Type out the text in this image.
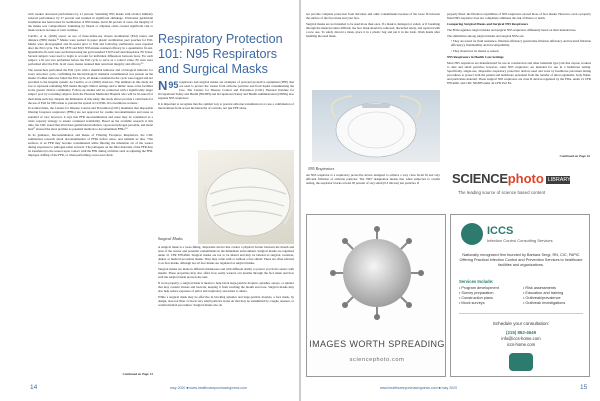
with weaker decreased performance by 21 percent. Sanitizing N95 masks with alcohol similarly reduced performance by 27 percent and resulted in significant shrinkage. Ultraviolet germicidal irradiation has been tested for sterilization of N95 masks, but in 60 percent of cases, the integrity of the masks was compromised. Sanitizing by bleach or ethylene oxide created significant risk to mask wearers because of toxic residues.

Carrillo, et al. (2020) report on use of three-dallas-use chosen sterilization (EtO) issues and distance (H95) masks.¹⁶ Masks were packed in paper plastic sterilization peel pouches for EtO. Masks were photographed and fit-tested prior to EtO and following sterilization were repeated after the EtO cycle. The 3M 1870 and 8210 N95-masks retained efficacy in a quantitative fit-test. Quantitative fit-tests were performed using the gold standard TSI PortaCount Respirator Fit Tester. Several subjects were used to begin to account for individual differences between faces. For each subject, a fit test was performed before the EtO cycle to serve as a control value. Fit tests were performed after the EtO. In all cases, masks retained their structural integrity and efficacy.¹⁶

The researchers performed the EtO cycle with a chemical indicator and a biological indicator for every autoclave cycle, confirming the microbiological chemical contamination was present on the masks. If either indicator failed the EtO cycle, all masks contained in the cycle were tagged and not provided to the hospital system. As Carrillo, et al. (2020) observes, 'The numbers in this study are low to represent remaining N95 masks through clinical settings and to mimic reuse at the facilities in the greater clinical community. Follow-up studies will be conducted with a significantly larger subject pool by recruiting subjects from the Houston Methodist Hospital who will be fit-tested for their mask each day. Despite the limitations of this study, this study shows provide a valid basis for the use of EtO for N95 mask to prevent the spread of COVID-19 to healthcare workers.'

In normal times, the Centers for Disease Control and Prevention (CDC) maintains that disposable filtering facepiece respirators (FFRs) are not approved for routine decontamination and reuse as standard of care; however, it says that FFR decontamination and reuse may be considered as a crisis capacity strategy to ensure continued availability. Based on the available research at this time, the CDC stated that ultraviolet germicidal irradiation, vaporous hydrogen peroxide, and moist heat¹⁷ showed the most promise as potential methods to decontaminate FFRs.¹⁸

In its guidance, Decontamination and Reuse of Filtering Facepiece Respirators, the CDC summarizes research about decontamination of FFRs before reuse, and reminds us that, "The surfaces of an FFR may become contaminated while filtering the inhalation air of the wearer during exposures to pathogen-laden aerosols. The pathogens on the filter materials of the FFR may be transferred to the wearer upon contact with the FFR during activities such as adjusting the FFR, improper doffing of the FFR, or when performing a user-seal check

Continued on Page 15
Respiratory Protection 101: N95 Respirators and Surgical Masks

N 95 respirators and surgical masks are examples of personal protective equipment (PPE) that are used to protect the wearer from airborne particles and from liquid contaminating the face. The Centers for Disease Control and Prevention (CDC) National Institute for Occupational Safety and Health (NIOSH) and Occupational Safety and Health Administration (OSHA) also regulate N95 respirators.

It is important to recognize that the optimal way to prevent airborne transmission is to use a combination of interventions from across the hierarchy of controls, not just PPE alone.

Surgical Masks

A surgical mask is a loose-fitting, disposable device that creates a physical barrier between the mouth and nose of the wearer and potential contaminants in the immediate environment. Surgical masks are regulated under 21 CFR 878.4040. Surgical masks are not to be shared and may be labeled as surgical, isolation, dental, or medical procedure masks. They may come with or without a face shield. These are often referred to as face masks, although not all face masks are regulated as surgical masks.

Surgical masks are made in different thicknesses and with different ability to protect you from contact with liquids. These properties may also affect how easily wearers can breathe through the face mask and how well the surgical mask protects the user.

If worn properly, a surgical mask is meant to help block large-particle droplets, splashes, sprays, or splatter that may contain viruses and bacteria, keeping it from reaching the mouth and nose. Surgical masks may also help reduce exposure of saliva and respiratory secretions to others.

While a surgical mask may be effective in blocking splashes and large-particle droplets, a face mask, by design, does not filter or block very small particles in the air that may be transmitted by coughs, sneezes, or certain medical procedures. Surgical masks also do

may 2020 ■ www.healthcarepurchasingnews.com
14

not provide complete protection from microbes and other contaminants because of the loose fit between the surface of the face mask and your face.

Surgical masks are not intended to be used more than once. If a mask is damaged or soiled, or if breathing through the mask becomes difficult, the face mask should be removed, discarded safely, and replaced with a new one. To safely discard a mask, place it in a plastic bag and put it in the trash. Wash hands after handling the used mask.

N95 Respirators

An N95 respirator is a respiratory protective device designed to achieve a very close facial fit and very efficient filtration of airborne particles. The 'N95' designation means that when subjected to careful testing, the respirator blocks at least 95 percent of very small (0.3 micron) test particles. If

properly fitted, the filtration capabilities of N95 respirators exceed those of face masks. However, even a properly fitted N95 respirator does not completely eliminate the risk of illness or death.

Comparing Surgical Masks and Surgical N95 Respirators

The FDA regulates surgical masks and surgical N95 respirators differently based on their intended use.

The similarities among surgical masks and surgical N95s are:

• They are tested for fluid resistance, filtration efficiency (particulate filtration efficiency and bacterial filtration efficiency), flammability and biocompatibility.

• They should not be shared or reused.

N95 Respirators in Health Care Settings

Most N95 respirators are manufactured for use in construction and other industrial type jobs that expose workers to dust and small particles; however, some N95 respirators are intended for use in a healthcare setting. Specifically, single-use, disposable respiratory protective devices used and worn by healthcare personnel during procedures to protect both the patient and healthcare personnel from the transfer of microorganisms, body fluids, and particulate material. These surgical N95 respirators are class II devices regulated by the FDA, under 21 CFR 878.4040, and CDC NIOSH under 42 CFR Part 84.

Continued on Page 16
SCIENCEphoto LIBRARY
The leading source of science based content
IMAGES WORTH SPREADING
sciencephoto.com
ICCS
Infection Control Consulting Services
Nationally recognized firm founded by Barbara Sergi, RN, CIC, FAPIC Offering Practical Infection Control and Prevention Services to healthcare facilities and organizations.
Services Include:
• Program development
• Survey preparation
• Construction plans
• Mock surveys
• Risk assessments
• Education and training
• Outbreak/prevalence
• Outbreak Investigations
Schedule your consultation:
(215) 862-4649
info@iccs-home.com
iccs-home.com
www.healthcarepurchasingnews.com ■ may 2020	15
